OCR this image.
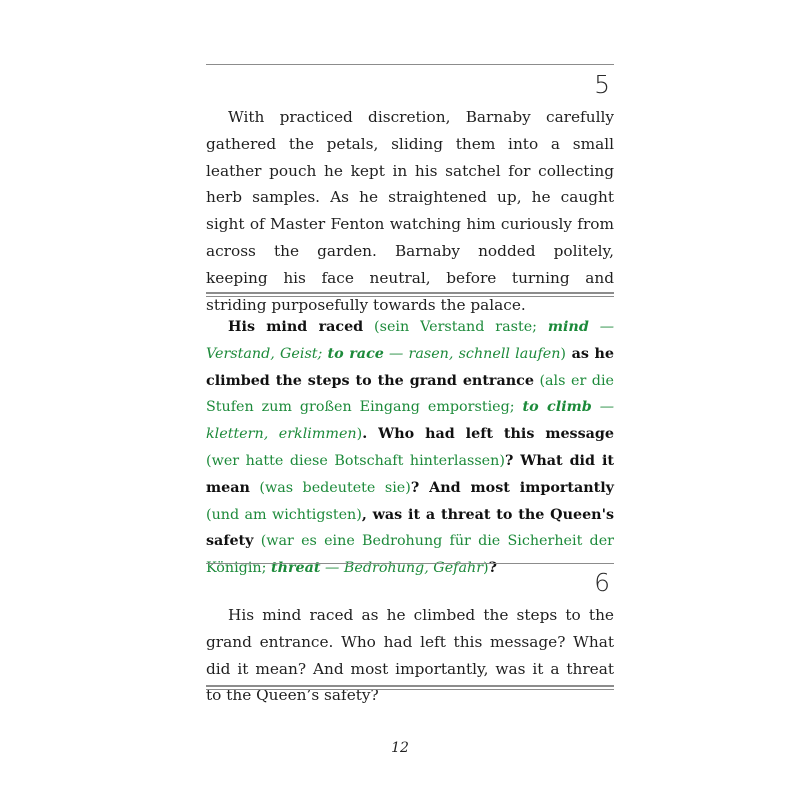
5

With practiced discretion, Barnaby carefully gathered the petals, sliding them into a small leather pouch he kept in his satchel for collecting herb samples. As he straightened up, he caught sight of Master Fenton watching him curiously from across the garden. Barnaby nodded politely, keeping his face neutral, before turning and striding purposefully towards the palace.

His mind raced (sein Verstand raste; mind — Verstand, Geist; to race — rasen, schnell laufen) as he climbed the steps to the grand entrance (als er die Stufen zum großen Eingang emporstieg; to climb — klettern, erklimmen). Who had left this message (wer hatte diese Botschaft hinterlassen)? What did it mean (was bedeutete sie)? And most importantly (und am wichtigsten), was it a threat to the Queen's safety (war es eine Bedrohung für die Sicherheit der Königin; threat — Bedrohung, Gefahr)?	6

His mind raced as he climbed the steps to the grand entrance. Who had left this message? What did it mean? And most importantly, was it a threat to the Queen’s safety?

12
